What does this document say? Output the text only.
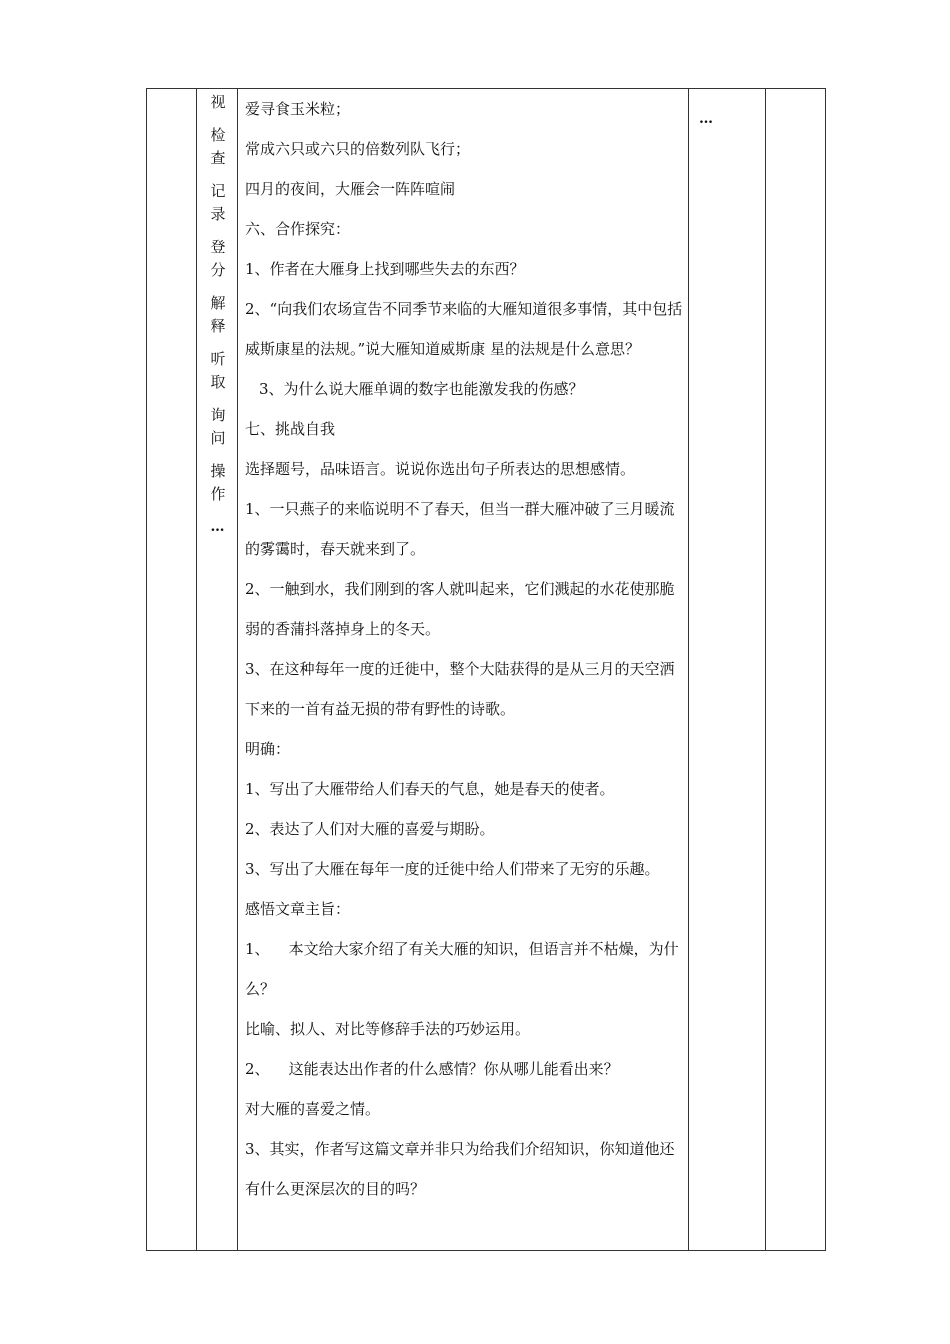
视
检查
记录
登分
解释
听取
询问
操作
…

爱寻食玉米粒；

常成六只或六只的倍数列队飞行；

四月的夜间，大雁会一阵阵喧闹

六、合作探究：

1、作者在大雁身上找到哪些失去的东西？

2、“向我们农场宣告不同季节来临的大雁知道很多事情，其中包括威斯康星的法规。”说大雁知道威斯康 星的法规是什么意思？

3、为什么说大雁单调的数字也能激发我的伤感？

七、挑战自我

选择题号，品味语言。说说你选出句子所表达的思想感情。

1、一只燕子的来临说明不了春天，但当一群大雁冲破了三月暖流的雾霭时，春天就来到了。

2、一触到水，我们刚到的客人就叫起来，它们溅起的水花使那脆弱的香蒲抖落掉身上的冬天。

3、在这种每年一度的迁徙中，整个大陆获得的是从三月的天空洒下来的一首有益无损的带有野性的诗歌。

明确：

1、写出了大雁带给人们春天的气息，她是春天的使者。

2、表达了人们对大雁的喜爱与期盼。

3、写出了大雁在每年一度的迁徙中给人们带来了无穷的乐趣。

感悟文章主旨：

1、    本文给大家介绍了有关大雁的知识，但语言并不枯燥，为什么？

比喻、拟人、对比等修辞手法的巧妙运用。

2、    这能表达出作者的什么感情？你从哪儿能看出来？

对大雁的喜爱之情。

3、其实，作者写这篇文章并非只为给我们介绍知识，你知道他还有什么更深层次的目的吗？

…
